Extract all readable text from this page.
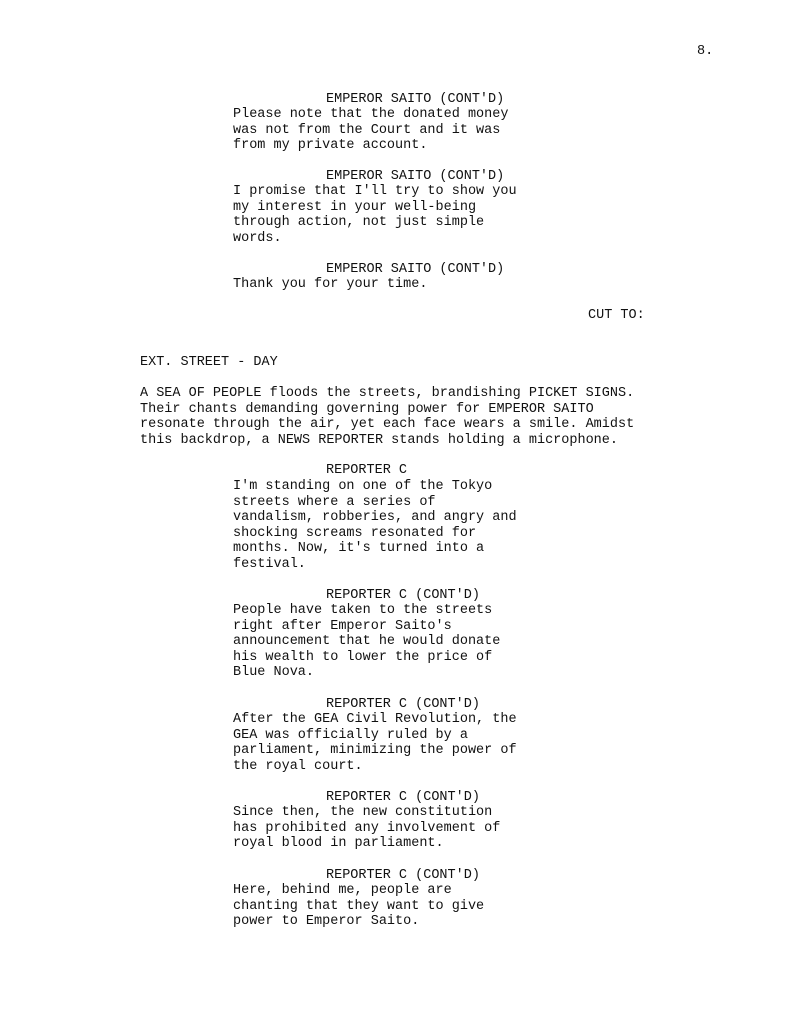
8.
EMPEROR SAITO (CONT'D)
Please note that the donated money
was not from the Court and it was
from my private account.
EMPEROR SAITO (CONT'D)
I promise that I'll try to show you
my interest in your well-being
through action, not just simple
words.
EMPEROR SAITO (CONT'D)
Thank you for your time.
CUT TO:
EXT. STREET - DAY
A SEA OF PEOPLE floods the streets, brandishing PICKET SIGNS.
Their chants demanding governing power for EMPEROR SAITO
resonate through the air, yet each face wears a smile. Amidst
this backdrop, a NEWS REPORTER stands holding a microphone.
REPORTER C
I'm standing on one of the Tokyo
streets where a series of
vandalism, robberies, and angry and
shocking screams resonated for
months. Now, it's turned into a
festival.
REPORTER C (CONT'D)
People have taken to the streets
right after Emperor Saito's
announcement that he would donate
his wealth to lower the price of
Blue Nova.
REPORTER C (CONT'D)
After the GEA Civil Revolution, the
GEA was officially ruled by a
parliament, minimizing the power of
the royal court.
REPORTER C (CONT'D)
Since then, the new constitution
has prohibited any involvement of
royal blood in parliament.
REPORTER C (CONT'D)
Here, behind me, people are
chanting that they want to give
power to Emperor Saito.
